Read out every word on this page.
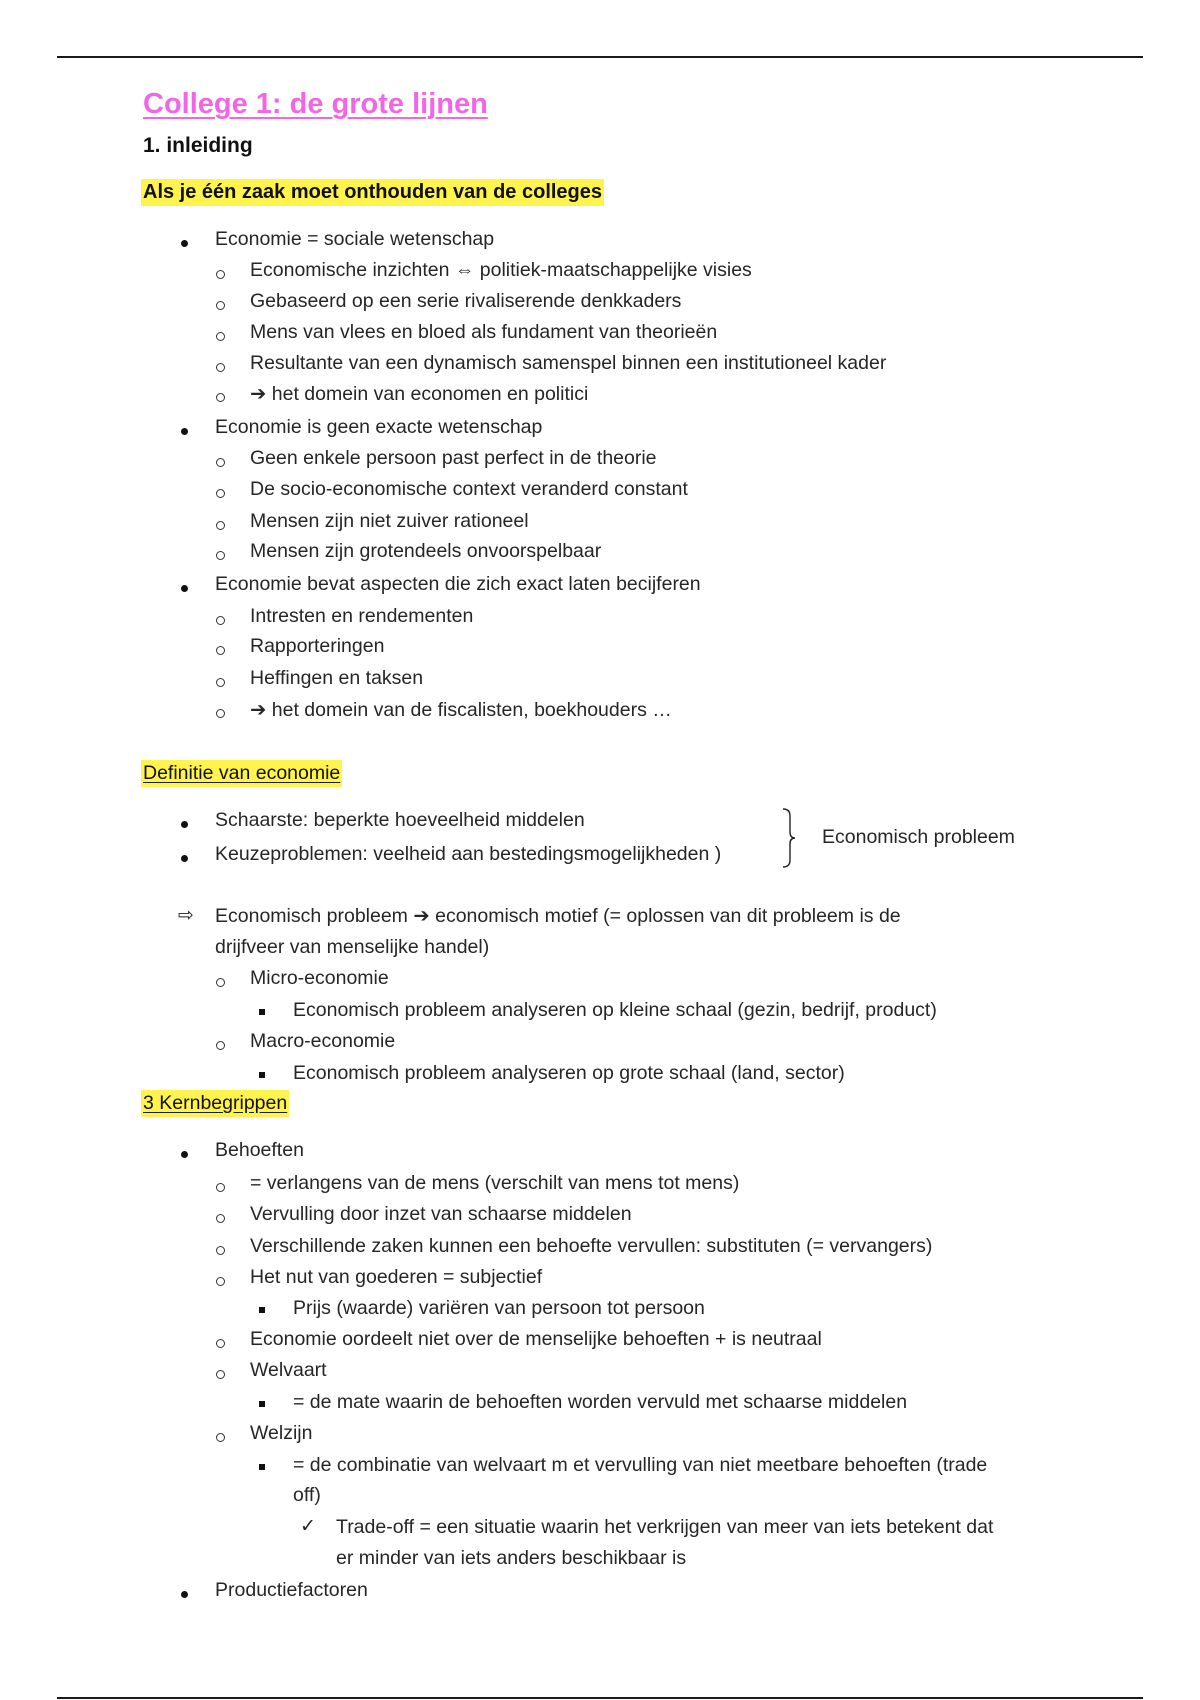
College 1: de grote lijnen
1. inleiding
Als je één zaak moet onthouden van de colleges
Economie = sociale wetenschap
Economische inzichten ⇔ politiek-maatschappelijke visies
Gebaseerd op een serie rivaliserende denkkaders
Mens van vlees en bloed als fundament van theorieën
Resultante van een dynamisch samenspel binnen een institutioneel kader
➔ het domein van economen en politici
Economie is geen exacte wetenschap
Geen enkele persoon past perfect in de theorie
De socio-economische context veranderd constant
Mensen zijn niet zuiver rationeel
Mensen zijn grotendeels onvoorspelbaar
Economie bevat aspecten die zich exact laten becijferen
Intresten en rendementen
Rapporteringen
Heffingen en taksen
➔ het domein van de fiscalisten, boekhouders …
Definitie van economie
Schaarste: beperkte hoeveelheid middelen
Keuzeproblemen: veelheid aan bestedingsmogelijkheden )
Economisch probleem
⇨ Economisch probleem ➔ economisch motief (= oplossen van dit probleem is de
drijfveer van menselijke handel)
Micro-economie
Economisch probleem analyseren op kleine schaal (gezin, bedrijf, product)
Macro-economie
Economisch probleem analyseren op grote schaal (land, sector)
3 Kernbegrippen
Behoeften
= verlangens van de mens (verschilt van mens tot mens)
Vervulling door inzet van schaarse middelen
Verschillende zaken kunnen een behoefte vervullen: substituten (= vervangers)
Het nut van goederen = subjectief
Prijs (waarde) variëren van persoon tot persoon
Economie oordeelt niet over de menselijke behoeften + is neutraal
Welvaart
= de mate waarin de behoeften worden vervuld met schaarse middelen
Welzijn
= de combinatie van welvaart m et vervulling van niet meetbare behoeften (trade
off)
✓ Trade-off = een situatie waarin het verkrijgen van meer van iets betekent dat
er minder van iets anders beschikbaar is
Productiefactoren
